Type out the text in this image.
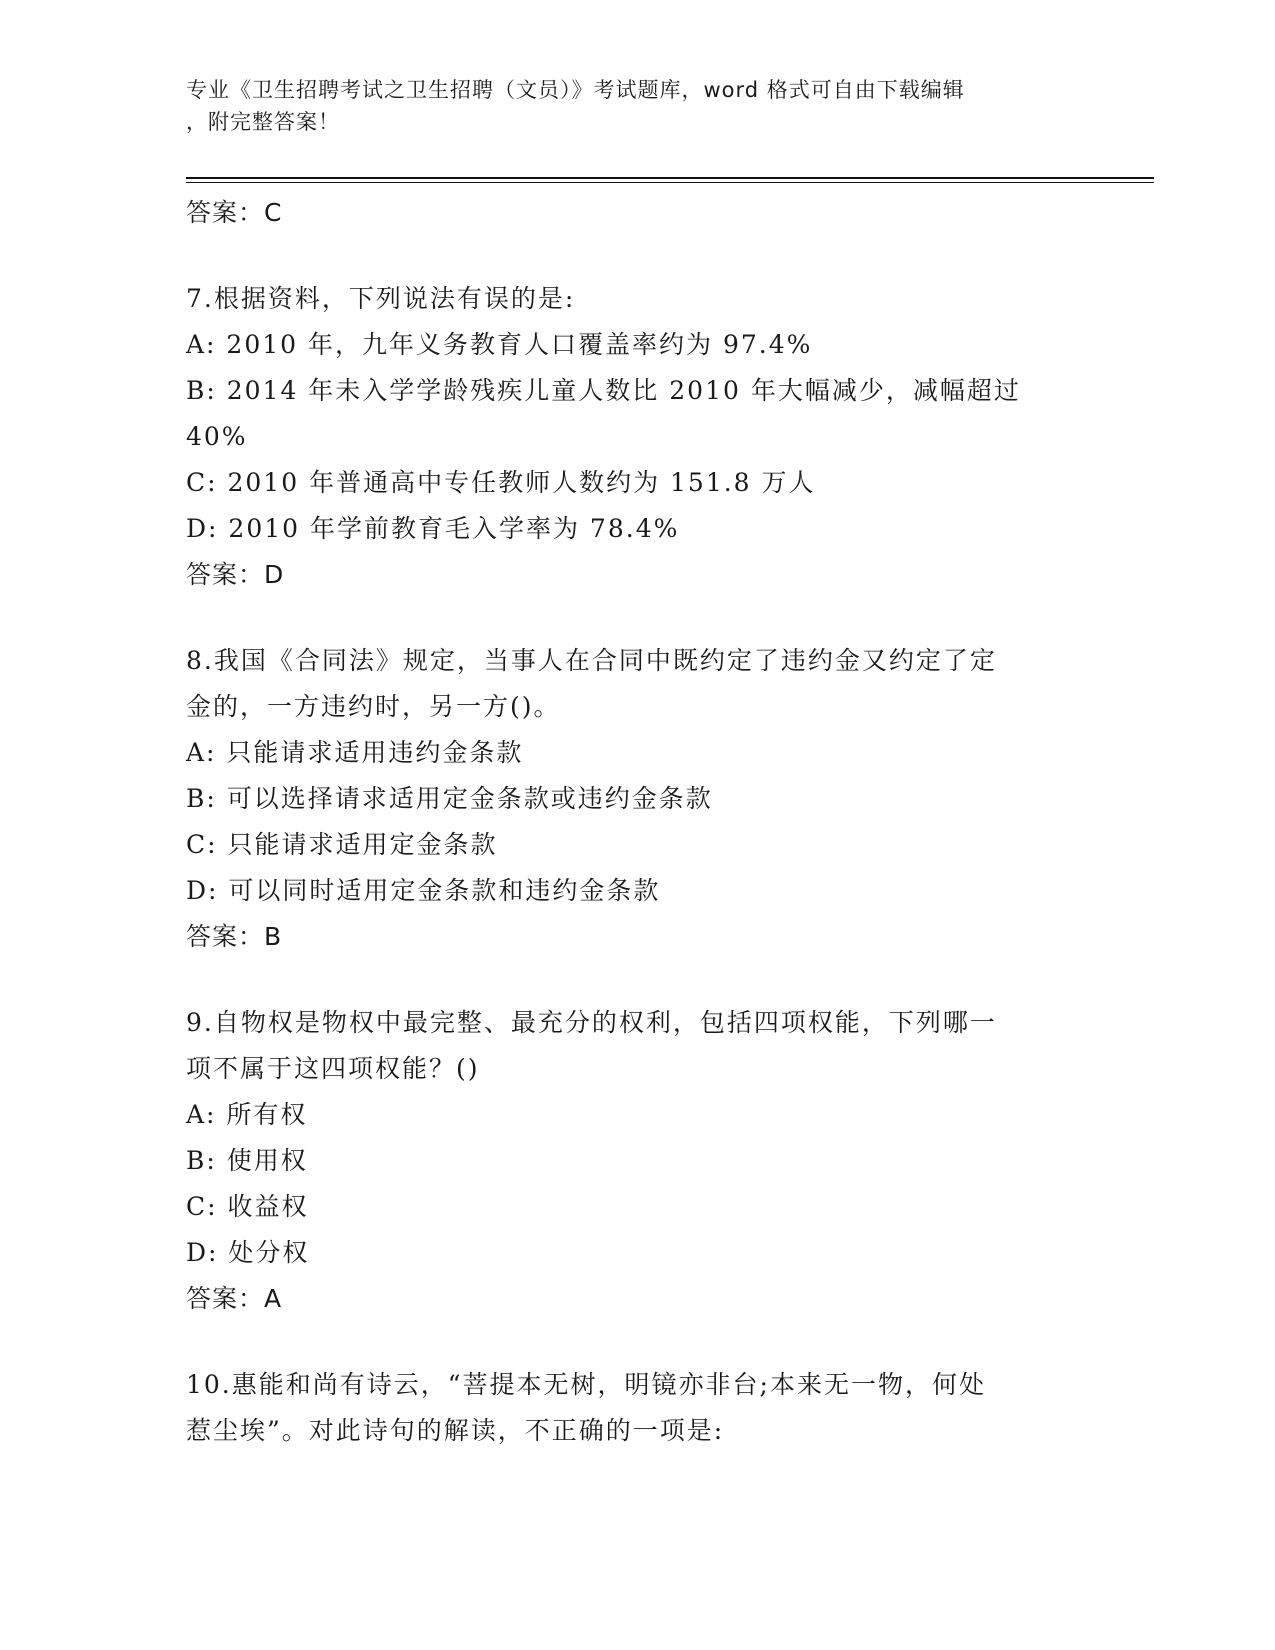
专业《卫生招聘考试之卫生招聘（文员）》考试题库，word 格式可自由下载编辑
，附完整答案！
答案：C
7.根据资料，下列说法有误的是:
A: 2010 年，九年义务教育人口覆盖率约为 97.4%
B: 2014 年未入学学龄残疾儿童人数比 2010 年大幅减少，减幅超过
40%
C: 2010 年普通高中专任教师人数约为 151.8 万人
D: 2010 年学前教育毛入学率为 78.4%
答案：D
8.我国《合同法》规定，当事人在合同中既约定了违约金又约定了定
金的，一方违约时，另一方()。
A: 只能请求适用违约金条款
B: 可以选择请求适用定金条款或违约金条款
C: 只能请求适用定金条款
D: 可以同时适用定金条款和违约金条款
答案：B
9.自物权是物权中最完整、最充分的权利，包括四项权能，下列哪一
项不属于这四项权能？()
A: 所有权
B: 使用权
C: 收益权
D: 处分权
答案：A
10.惠能和尚有诗云，“菩提本无树，明镜亦非台;本来无一物，何处
惹尘埃”。对此诗句的解读，不正确的一项是:
